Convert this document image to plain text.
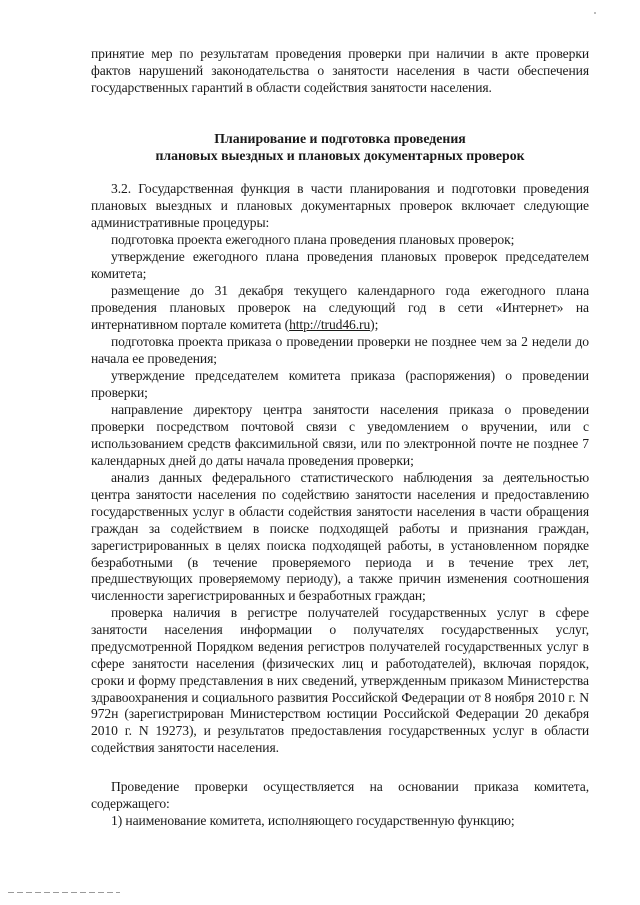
принятие мер по результатам проведения проверки при наличии в акте проверки фактов нарушений законодательства о занятости населения в части обеспечения государственных гарантий в области содействия занятости населения.

Планирование и подготовка проведения

плановых выездных и плановых документарных проверок

3.2. Государственная функция в части планирования и подготовки проведения плановых выездных и плановых документарных проверок включает следующие административные процедуры:

подготовка проекта ежегодного плана проведения плановых проверок;

утверждение ежегодного плана проведения плановых проверок председателем комитета;

размещение до 31 декабря текущего календарного года ежегодного плана проведения плановых проверок на следующий год в сети «Интернет» на интернативном портале комитета (http://trud46.ru);

подготовка проекта приказа о проведении проверки не позднее чем за 2 недели до начала ее проведения;

утверждение председателем комитета приказа (распоряжения) о проведении проверки;

направление директору центра занятости населения приказа о проведении проверки посредством почтовой связи с уведомлением о вручении, или с использованием средств факсимильной связи, или по электронной почте не позднее 7 календарных дней до даты начала проведения проверки;

анализ данных федерального статистического наблюдения за деятельностью центра занятости населения по содействию занятости населения и предоставлению государственных услуг в области содействия занятости населения в части обращения граждан за содействием в поиске подходящей работы и признания граждан, зарегистрированных в целях поиска подходящей работы, в установленном порядке безработными (в течение проверяемого периода и в течение трех лет, предшествующих проверяемому периоду), а также причин изменения соотношения численности зарегистрированных и безработных граждан;

проверка наличия в регистре получателей государственных услуг в сфере занятости населения информации о получателях государственных услуг, предусмотренной Порядком ведения регистров получателей государственных услуг в сфере занятости населения (физических лиц и работодателей), включая порядок, сроки и форму представления в них сведений, утвержденным приказом Министерства здравоохранения и социального развития Российской Федерации от 8 ноября 2010 г. N 972н (зарегистрирован Министерством юстиции Российской Федерации 20 декабря 2010 г. N 19273), и результатов предоставления государственных услуг в области содействия занятости населения.

Проведение проверки осуществляется на основании приказа комитета, содержащего:

1) наименование комитета, исполняющего государственную функцию;
